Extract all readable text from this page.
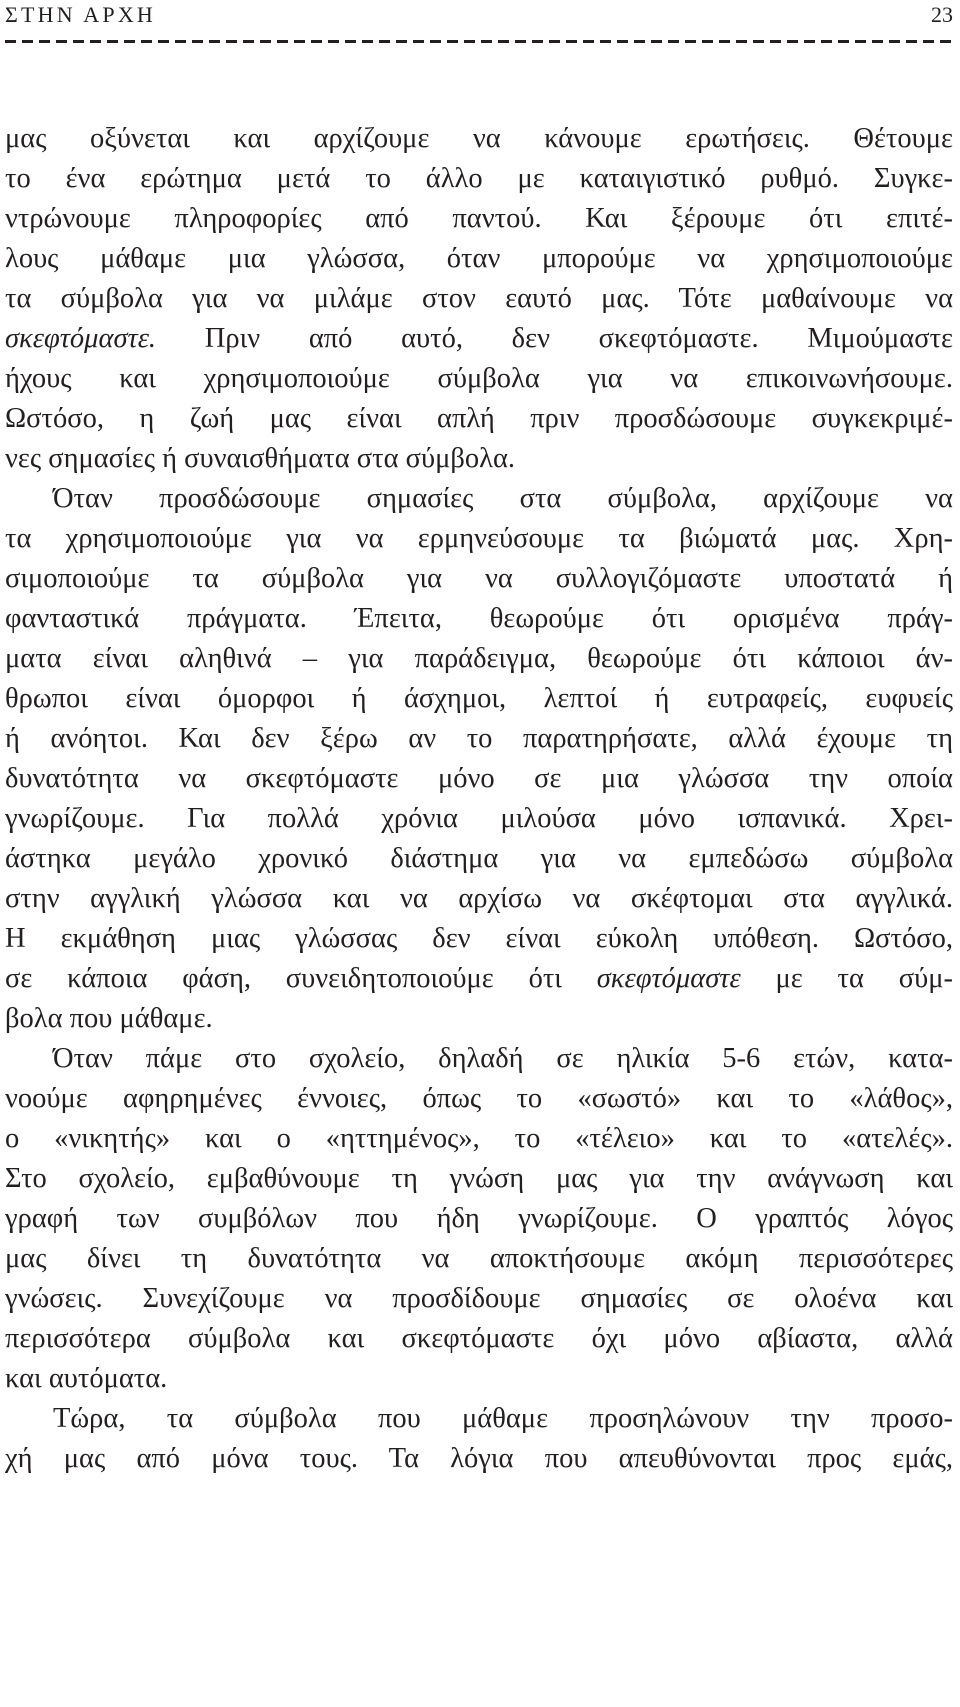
ΣΤΗΝ ΑΡΧΗ	23
μας οξύνεται και αρχίζουμε να κάνουμε ερωτήσεις. Θέτουμε
το ένα ερώτημα μετά το άλλο με καταιγιστικό ρυθμό. Συγκε-
ντρώνουμε πληροφορίες από παντού. Και ξέρουμε ότι επιτέ-
λους μάθαμε μια γλώσσα, όταν μπορούμε να χρησιμοποιούμε
τα σύμβολα για να μιλάμε στον εαυτό μας. Τότε μαθαίνουμε να
σκεφτόμαστε. Πριν από αυτό, δεν σκεφτόμαστε. Μιμούμαστε
ήχους και χρησιμοποιούμε σύμβολα για να επικοινωνήσουμε.
Ωστόσο, η ζωή μας είναι απλή πριν προσδώσουμε συγκεκριμέ-
νες σημασίες ή συναισθήματα στα σύμβολα.
Όταν προσδώσουμε σημασίες στα σύμβολα, αρχίζουμε να
τα χρησιμοποιούμε για να ερμηνεύσουμε τα βιώματά μας. Χρη-
σιμοποιούμε τα σύμβολα για να συλλογιζόμαστε υποστατά ή
φανταστικά πράγματα. Έπειτα, θεωρούμε ότι ορισμένα πράγ-
ματα είναι αληθινά – για παράδειγμα, θεωρούμε ότι κάποιοι άν-
θρωποι είναι όμορφοι ή άσχημοι, λεπτοί ή ευτραφείς, ευφυείς
ή ανόητοι. Και δεν ξέρω αν το παρατηρήσατε, αλλά έχουμε τη
δυνατότητα να σκεφτόμαστε μόνο σε μια γλώσσα την οποία
γνωρίζουμε. Για πολλά χρόνια μιλούσα μόνο ισπανικά. Χρει-
άστηκα μεγάλο χρονικό διάστημα για να εμπεδώσω σύμβολα
στην αγγλική γλώσσα και να αρχίσω να σκέφτομαι στα αγγλικά.
Η εκμάθηση μιας γλώσσας δεν είναι εύκολη υπόθεση. Ωστόσο,
σε κάποια φάση, συνειδητοποιούμε ότι σκεφτόμαστε με τα σύμ-
βολα που μάθαμε.
Όταν πάμε στο σχολείο, δηλαδή σε ηλικία 5-6 ετών, κατα-
νοούμε αφηρημένες έννοιες, όπως το «σωστό» και το «λάθος»,
ο «νικητής» και ο «ηττημένος», το «τέλειο» και το «ατελές».
Στο σχολείο, εμβαθύνουμε τη γνώση μας για την ανάγνωση και
γραφή των συμβόλων που ήδη γνωρίζουμε. Ο γραπτός λόγος
μας δίνει τη δυνατότητα να αποκτήσουμε ακόμη περισσότερες
γνώσεις. Συνεχίζουμε να προσδίδουμε σημασίες σε ολοένα και
περισσότερα σύμβολα και σκεφτόμαστε όχι μόνο αβίαστα, αλλά
και αυτόματα.
Τώρα, τα σύμβολα που μάθαμε προσηλώνουν την προσο-
χή μας από μόνα τους. Τα λόγια που απευθύνονται προς εμάς,
